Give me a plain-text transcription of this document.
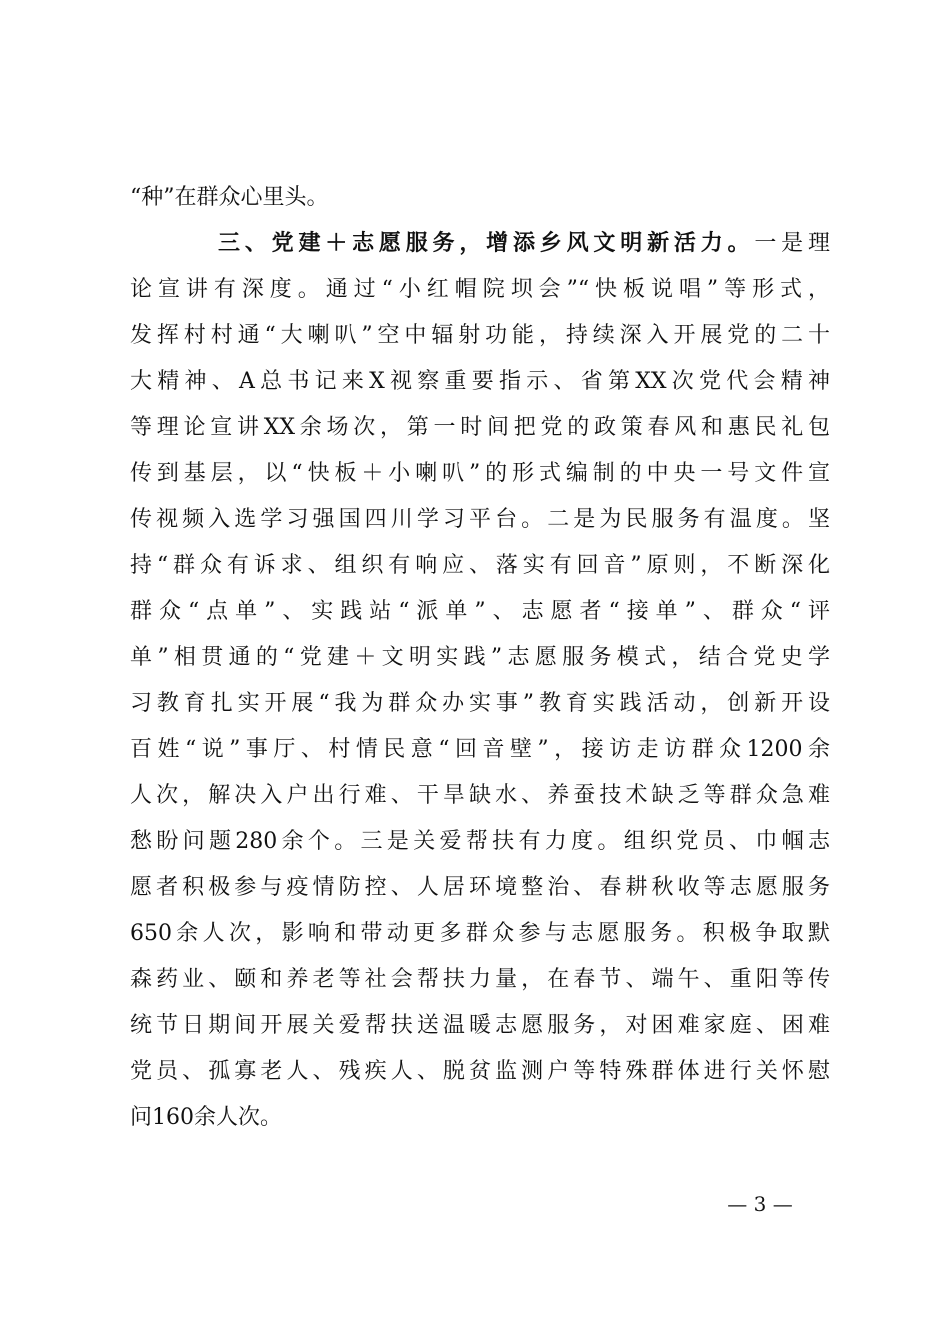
“种”在群众心里头。
三、党建＋志愿服务，增添乡风文明新活力。一是理
论宣讲有深度。通过“小红帽院坝会”“快板说唱”等形式，
发挥村村通“大喇叭”空中辐射功能，持续深入开展党的二十
大精神、A总书记来X视察重要指示、省第XX次党代会精神
等理论宣讲XX余场次，第一时间把党的政策春风和惠民礼包
传到基层，以“快板＋小喇叭”的形式编制的中央一号文件宣
传视频入选学习强国四川学习平台。二是为民服务有温度。坚
持“群众有诉求、组织有响应、落实有回音”原则，不断深化
群众“点单”、实践站“派单”、志愿者“接单”、群众“评
单”相贯通的“党建＋文明实践”志愿服务模式，结合党史学
习教育扎实开展“我为群众办实事”教育实践活动，创新开设
百姓“说”事厅、村情民意“回音壁”，接访走访群众1200余
人次，解决入户出行难、干旱缺水、养蚕技术缺乏等群众急难
愁盼问题280余个。三是关爱帮扶有力度。组织党员、巾帼志
愿者积极参与疫情防控、人居环境整治、春耕秋收等志愿服务
650余人次，影响和带动更多群众参与志愿服务。积极争取默
森药业、颐和养老等社会帮扶力量，在春节、端午、重阳等传
统节日期间开展关爱帮扶送温暖志愿服务，对困难家庭、困难
党员、孤寡老人、残疾人、脱贫监测户等特殊群体进行关怀慰
问160余人次。
— 3 —
